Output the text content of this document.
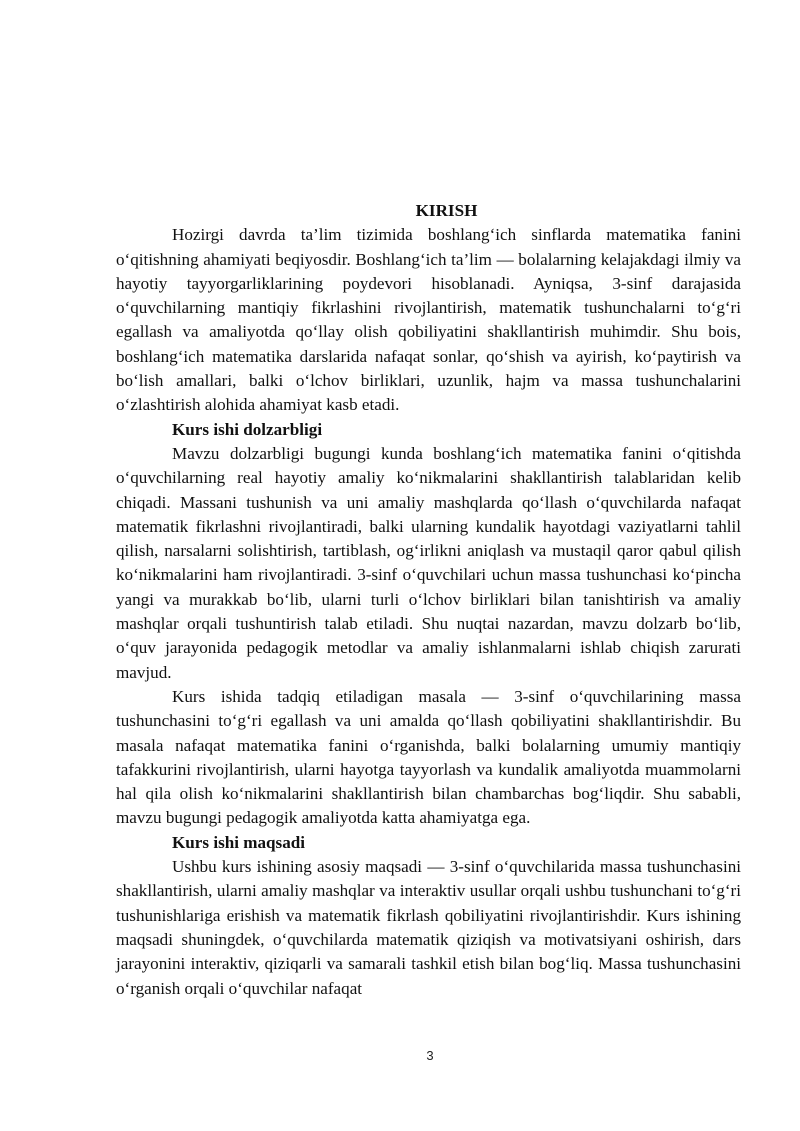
KIRISH

Hozirgi davrda ta’lim tizimida boshlang‘ich sinflarda matematika fanini o‘qitishning ahamiyati beqiyosdir. Boshlang‘ich ta’lim — bolalarning kelajakdagi ilmiy va hayotiy tayyorgarliklarining poydevori hisoblanadi. Ayniqsa, 3-sinf darajasida o‘quvchilarning mantiqiy fikrlashini rivojlantirish, matematik tushunchalarni to‘g‘ri egallash va amaliyotda qo‘llay olish qobiliyatini shakllantirish muhimdir. Shu bois, boshlang‘ich matematika darslarida nafaqat sonlar, qo‘shish va ayirish, ko‘paytirish va bo‘lish amallari, balki o‘lchov birliklari, uzunlik, hajm va massa tushunchalarini o‘zlashtirish alohida ahamiyat kasb etadi.

Kurs ishi dolzarbligi

Mavzu dolzarbligi bugungi kunda boshlang‘ich matematika fanini o‘qitishda o‘quvchilarning real hayotiy amaliy ko‘nikmalarini shakllantirish talablaridan kelib chiqadi. Massani tushunish va uni amaliy mashqlarda qo‘llash o‘quvchilarda nafaqat matematik fikrlashni rivojlantiradi, balki ularning kundalik hayotdagi vaziyatlarni tahlil qilish, narsalarni solishtirish, tartiblash, og‘irlikni aniqlash va mustaqil qaror qabul qilish ko‘nikmalarini ham rivojlantiradi. 3-sinf o‘quvchilari uchun massa tushunchasi ko‘pincha yangi va murakkab bo‘lib, ularni turli o‘lchov birliklari bilan tanishtirish va amaliy mashqlar orqali tushuntirish talab etiladi. Shu nuqtai nazardan, mavzu dolzarb bo‘lib, o‘quv jarayonida pedagogik metodlar va amaliy ishlanmalarni ishlab chiqish zarurati mavjud.

Kurs ishida tadqiq etiladigan masala — 3-sinf o‘quvchilarining massa tushunchasini to‘g‘ri egallash va uni amalda qo‘llash qobiliyatini shakllantirishdir. Bu masala nafaqat matematika fanini o‘rganishda, balki bolalarning umumiy mantiqiy tafakkurini rivojlantirish, ularni hayotga tayyorlash va kundalik amaliyotda muammolarni hal qila olish ko‘nikmalarini shakllantirish bilan chambarchas bog‘liqdir. Shu sababli, mavzu bugungi pedagogik amaliyotda katta ahamiyatga ega.

Kurs ishi maqsadi

Ushbu kurs ishining asosiy maqsadi — 3-sinf o‘quvchilarida massa tushunchasini shakllantirish, ularni amaliy mashqlar va interaktiv usullar orqali ushbu tushunchani to‘g‘ri tushunishlariga erishish va matematik fikrlash qobiliyatini rivojlantirishdir. Kurs ishining maqsadi shuningdek, o‘quvchilarda matematik qiziqish va motivatsiyani oshirish, dars jarayonini interaktiv, qiziqarli va samarali tashkil etish bilan bog‘liq. Massa tushunchasini o‘rganish orqali o‘quvchilar nafaqat

3
